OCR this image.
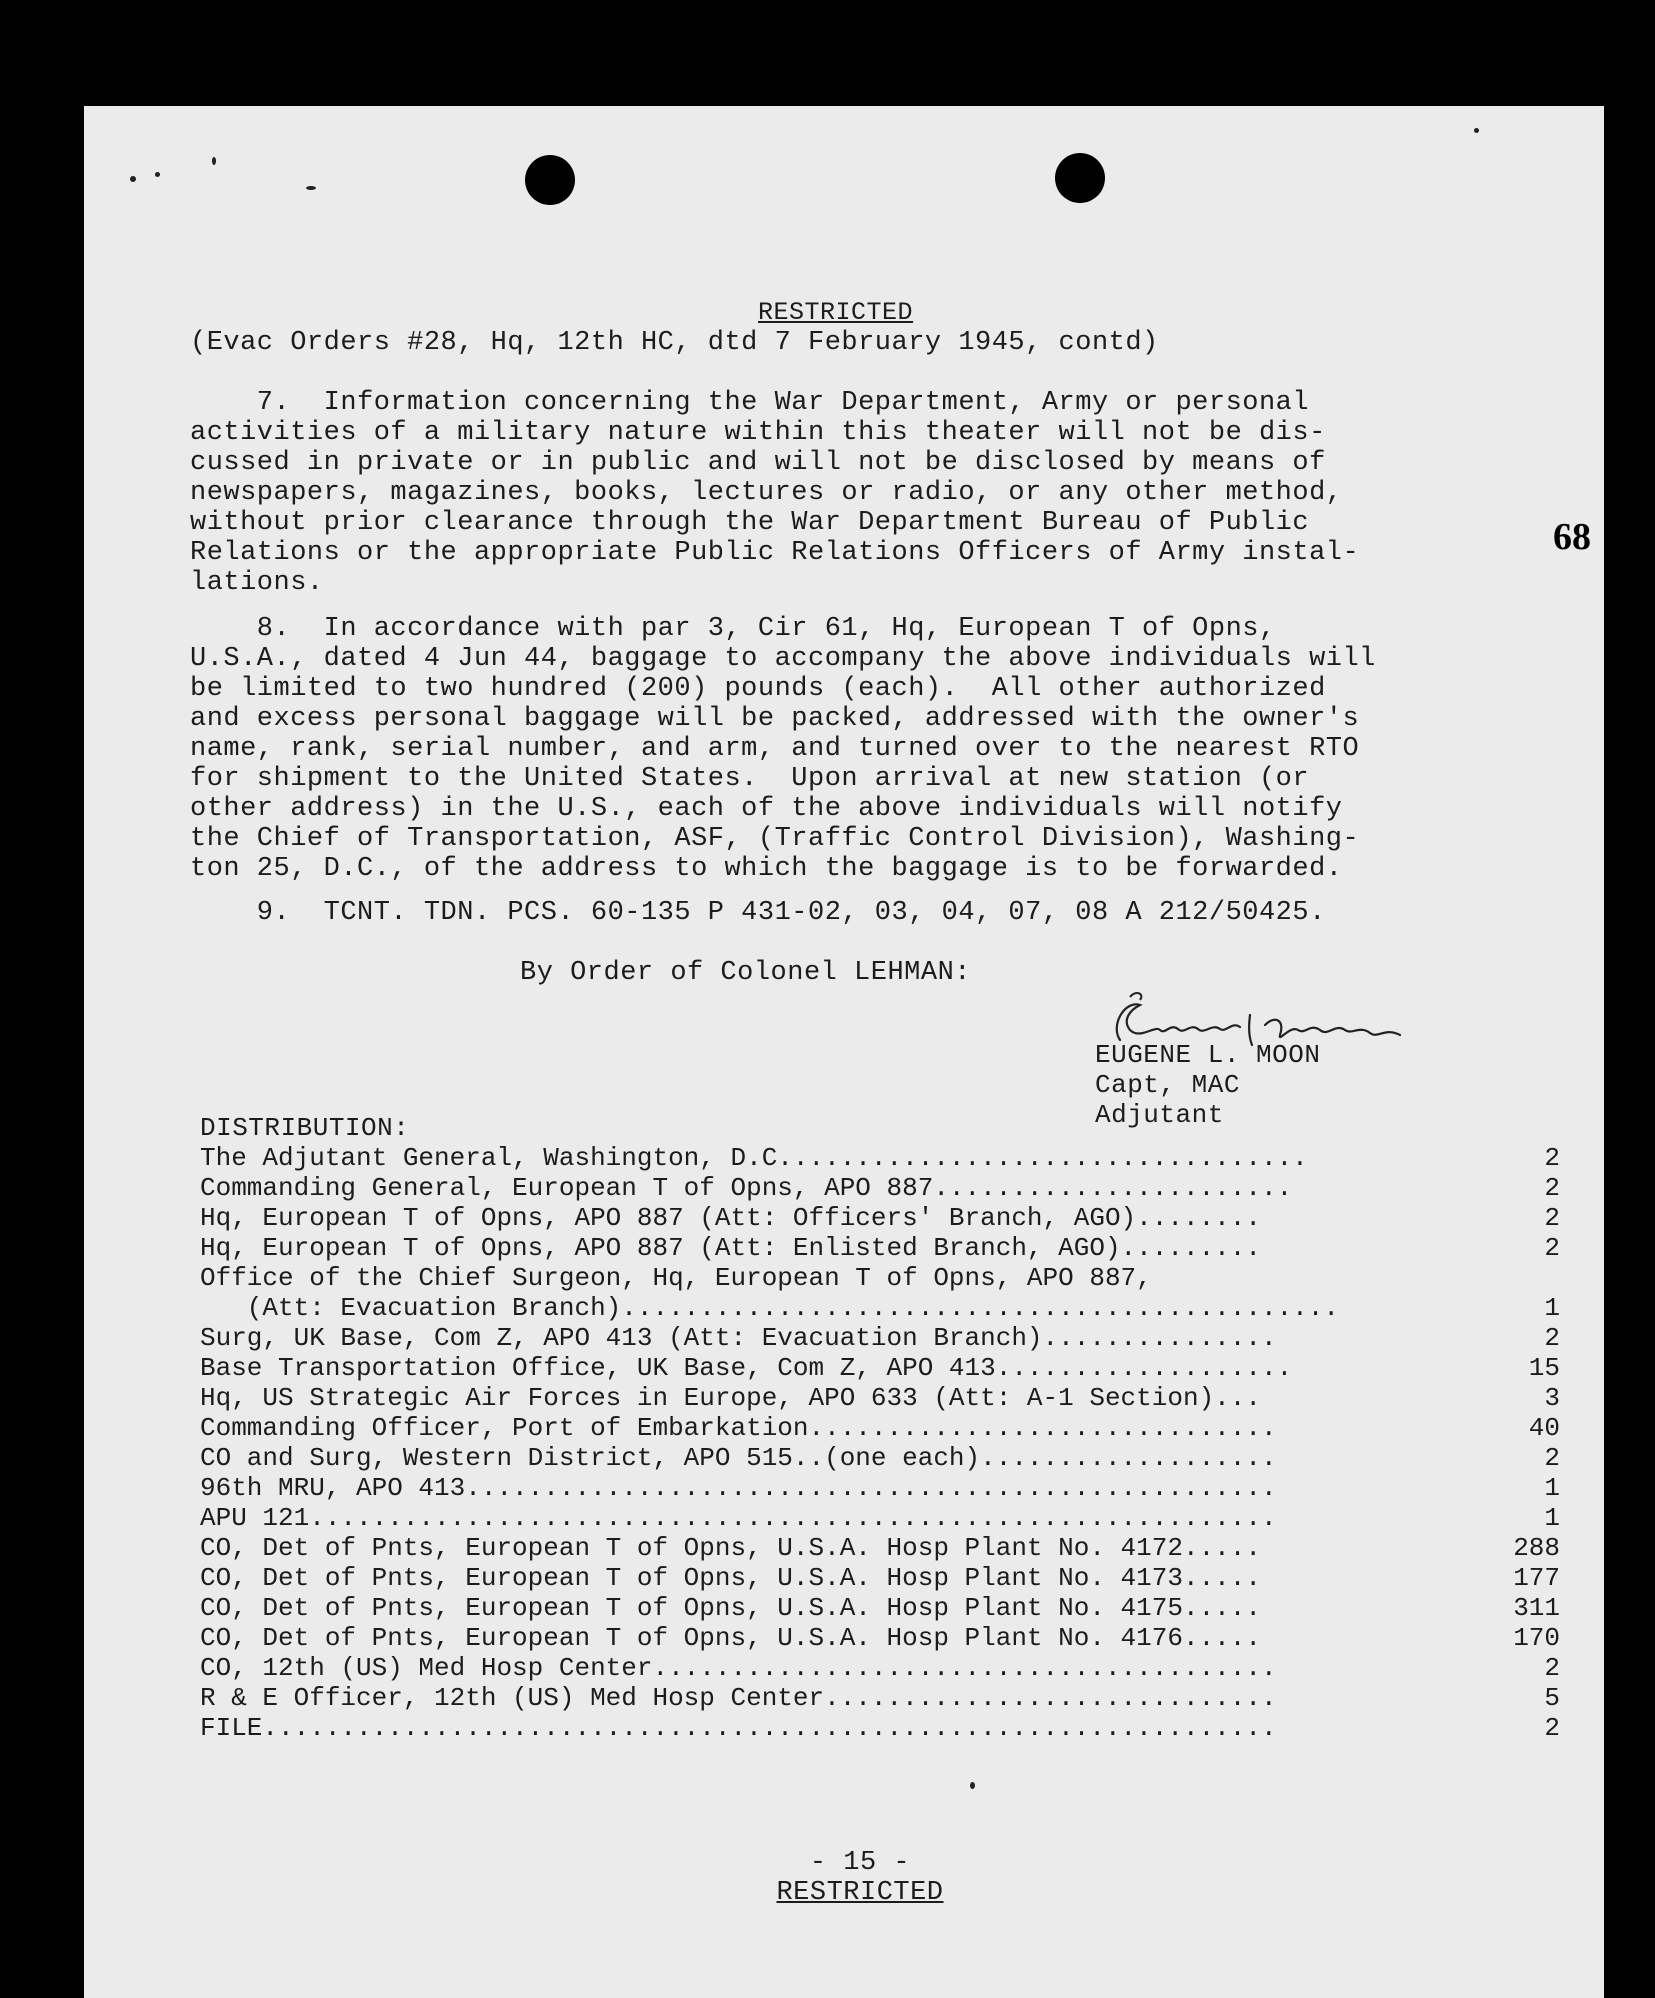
RESTRICTED
(Evac Orders #28, Hq, 12th HC, dtd 7 February 1945, contd)
68
7.  Information concerning the War Department, Army or personal
activities of a military nature within this theater will not be dis-
cussed in private or in public and will not be disclosed by means of
newspapers, magazines, books, lectures or radio, or any other method,
without prior clearance through the War Department Bureau of Public
Relations or the appropriate Public Relations Officers of Army instal-
lations.
8.  In accordance with par 3, Cir 61, Hq, European T of Opns,
U.S.A., dated 4 Jun 44, baggage to accompany the above individuals will
be limited to two hundred (200) pounds (each).  All other authorized
and excess personal baggage will be packed, addressed with the owner's
name, rank, serial number, and arm, and turned over to the nearest RTO
for shipment to the United States.  Upon arrival at new station (or
other address) in the U.S., each of the above individuals will notify
the Chief of Transportation, ASF, (Traffic Control Division), Washing-
ton 25, D.C., of the address to which the baggage is to be forwarded.
9.  TCNT. TDN. PCS. 60-135 P 431-02, 03, 04, 07, 08 A 212/50425.
By Order of Colonel LEHMAN:
EUGENE L. MOON
Capt, MAC
Adjutant
DISTRIBUTION:
The Adjutant General, Washington, D.C..................................	2
Commanding General, European T of Opns, APO 887.......................	2
Hq, European T of Opns, APO 887 (Att: Officers' Branch, AGO)........	2
Hq, European T of Opns, APO 887 (Att: Enlisted Branch, AGO).........	2
Office of the Chief Surgeon, Hq, European T of Opns, APO 887,
(Att: Evacuation Branch)..............................................	1
Surg, UK Base, Com Z, APO 413 (Att: Evacuation Branch)...............	2
Base Transportation Office, UK Base, Com Z, APO 413...................	15
Hq, US Strategic Air Forces in Europe, APO 633 (Att: A-1 Section)...	3
Commanding Officer, Port of Embarkation..............................	40
CO and Surg, Western District, APO 515..(one each)...................	2
96th MRU, APO 413....................................................	1
APU 121..............................................................	1
CO, Det of Pnts, European T of Opns, U.S.A. Hosp Plant No. 4172.....	288
CO, Det of Pnts, European T of Opns, U.S.A. Hosp Plant No. 4173.....	177
CO, Det of Pnts, European T of Opns, U.S.A. Hosp Plant No. 4175.....	311
CO, Det of Pnts, European T of Opns, U.S.A. Hosp Plant No. 4176.....	170
CO, 12th (US) Med Hosp Center........................................	2
R & E Officer, 12th (US) Med Hosp Center.............................	5
FILE.................................................................	2
- 15 -
RESTRICTED
